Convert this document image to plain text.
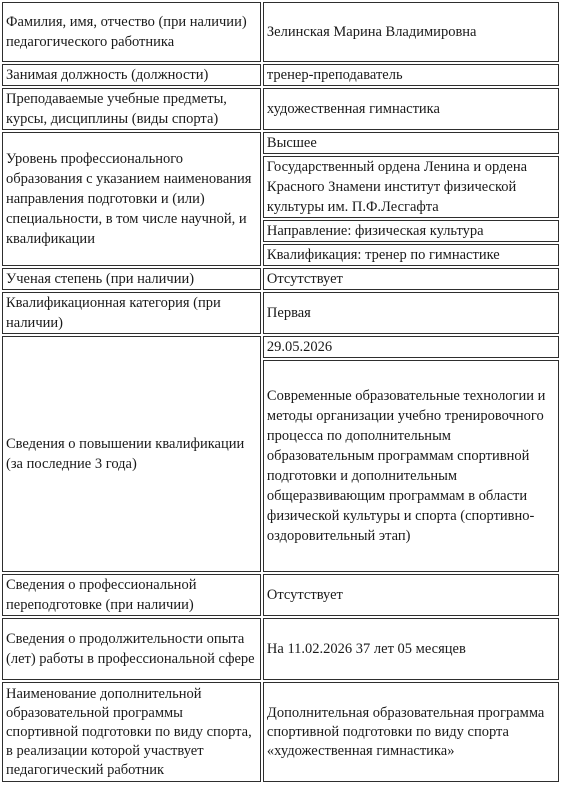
Фамилия, имя, отчество (при наличии) педагогического работника	Зелинская Марина Владимировна
Занимая должность (должности)	тренер-преподаватель
Преподаваемые учебные предметы, курсы, дисциплины (виды спорта)	художественная гимнастика
Уровень профессионального образования с указанием наименования направления подготовки и (или) специальности, в том числе научной, и квалификации	Высшее
	Государственный ордена Ленина и ордена Красного Знамени институт физической культуры им. П.Ф.Лесгафта
	Направление: физическая культура
	Квалификация: тренер по гимнастике
Ученая степень (при наличии)	Отсутствует
Квалификационная категория (при наличии)	Первая
Сведения о повышении квалификации (за последние 3 года)	29.05.2026
	Современные образовательные технологии и методы организации учебно тренировочного процесса по дополнительным образовательным программам спортивной подготовки и дополнительным общеразвивающим программам в области физической культуры и спорта (спортивно-оздоровительный этап)
Сведения о профессиональной переподготовке (при наличии)	Отсутствует
Сведения о продолжительности опыта (лет) работы в профессиональной сфере	На 11.02.2026 37 лет 05 месяцев
Наименование дополнительной образовательной программы спортивной подготовки по виду спорта, в реализации которой участвует педагогический работник	Дополнительная образовательная программа спортивной подготовки по виду спорта «художественная гимнастика»
